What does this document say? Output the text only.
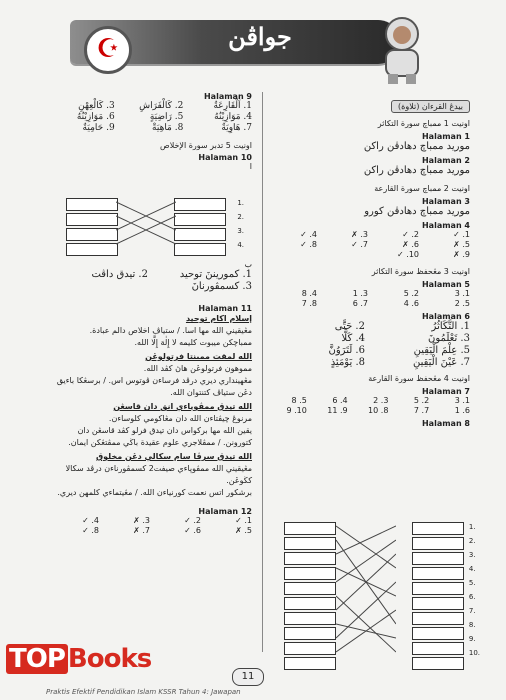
☪	جواڤن
بيدڠ القرءان (تلاوة)
اونيت 1 ممباچ سورة التكاثر
Halaman 1
موريد ممباچ دهادڤن راكن
Halaman 2
موريد ممباچ دهادڤن راكن
اونيت 2 ممباچ سورة القارعة
Halaman 3
موريد ممباچ دهادڤن كورو
Halaman 4
1. ✓
2. ✓
3. ✗
4. ✓
5. ✗
6. ✗
7. ✓
8. ✓
9. ✗
10. ✓
اونيت 3 مڠحفظ سورة التكاثر
Halaman 5
1. 3
2. 5
3. 1
4. 8
5. 2
6. 4
7. 6
8. 7
Halaman 6
1. التَّكَاثُرُ
2. حَتَّى
3. تَعْلَمُونَ
4. كَلَّا
5. عِلْمَ الْيَقِينِ
6. لَتَرَوُنَّ
7. عَيْنَ الْيَقِينِ
8. يَوْمَئِذٍ
اونيت 4 مڠحفظ سورة القارعة
Halaman 7
1. 3
2. 5
3. 2
4. 6
5. 8
6. 1
7. 7
8. 10
9. 11
10. 9
Halaman 8
1.
2.
3.
4.
5.
6.
7.
8.
9.
10.
Halaman 9
1. اَلْقَارِعَةُ
2. كَالْفَرَاشِ
3. كَالْعِهْنِ
4. مَوَازِيْنُهُ
5. رَاضِيَةٍ
6. مَوَازِيْنُهُ
7. هَاوِيَةٌ
8. مَاهِيَةْ
9. حَامِيَةٌ
اونيت 5 تدبر سورة الإخلاص
Halaman 10
ا
1.
2.
3.
4.
ب
1. كموريننَ توحيد
2. تيدق داڤت
3. كسمڤورنانَ
Halaman 11
إسلام اكام توحيد
مڠيقيني الله مها اسا. / ستياڤ اخلاص دالم عبادة.
ممباچكن ميبوت كليمه لا إِلٰهَ إِلَّا الله.
الله لمقت ممبنتا فرتولوڠن
مموهون فرتولوڠن هاڽ كڤد الله.
مڠهينداري ديري درڤد فرساءن ڤوتوس اس. / برسڠكا باءيق دڠن ستياڤ كتنتوان الله.
الله تيدق ممڤوڽاءي انق دان قاسڠن
مرنوڠ چيڤتاءن الله دان مڠاكومي كلوساءن.
يقين الله مها بركواس دان تيدق فرلو كڤد قاسڠن دان كتورونن. / ممڤلاجري علوم عقيدة باڬي ممڤتڠكن ايمان.
الله تيدق سرڤا سام سكالي دڠن مخلوق
مڠيقيني الله ممڤوڽاءي صيفت2 كسمڤورناءن درڤد سكالا كڬوڠن.
برشكور اتس نعمت كورنياءن الله. / مڠيتماءي كلمهن ديري.
Halaman 12
1. ✓
2. ✓
3. ✗
4. ✓
5. ✗
6. ✓
7. ✗
8. ✓
TOP Books
Praktis Efektif Pendidikan Islam KSSR Tahun 4: Jawapan
11
